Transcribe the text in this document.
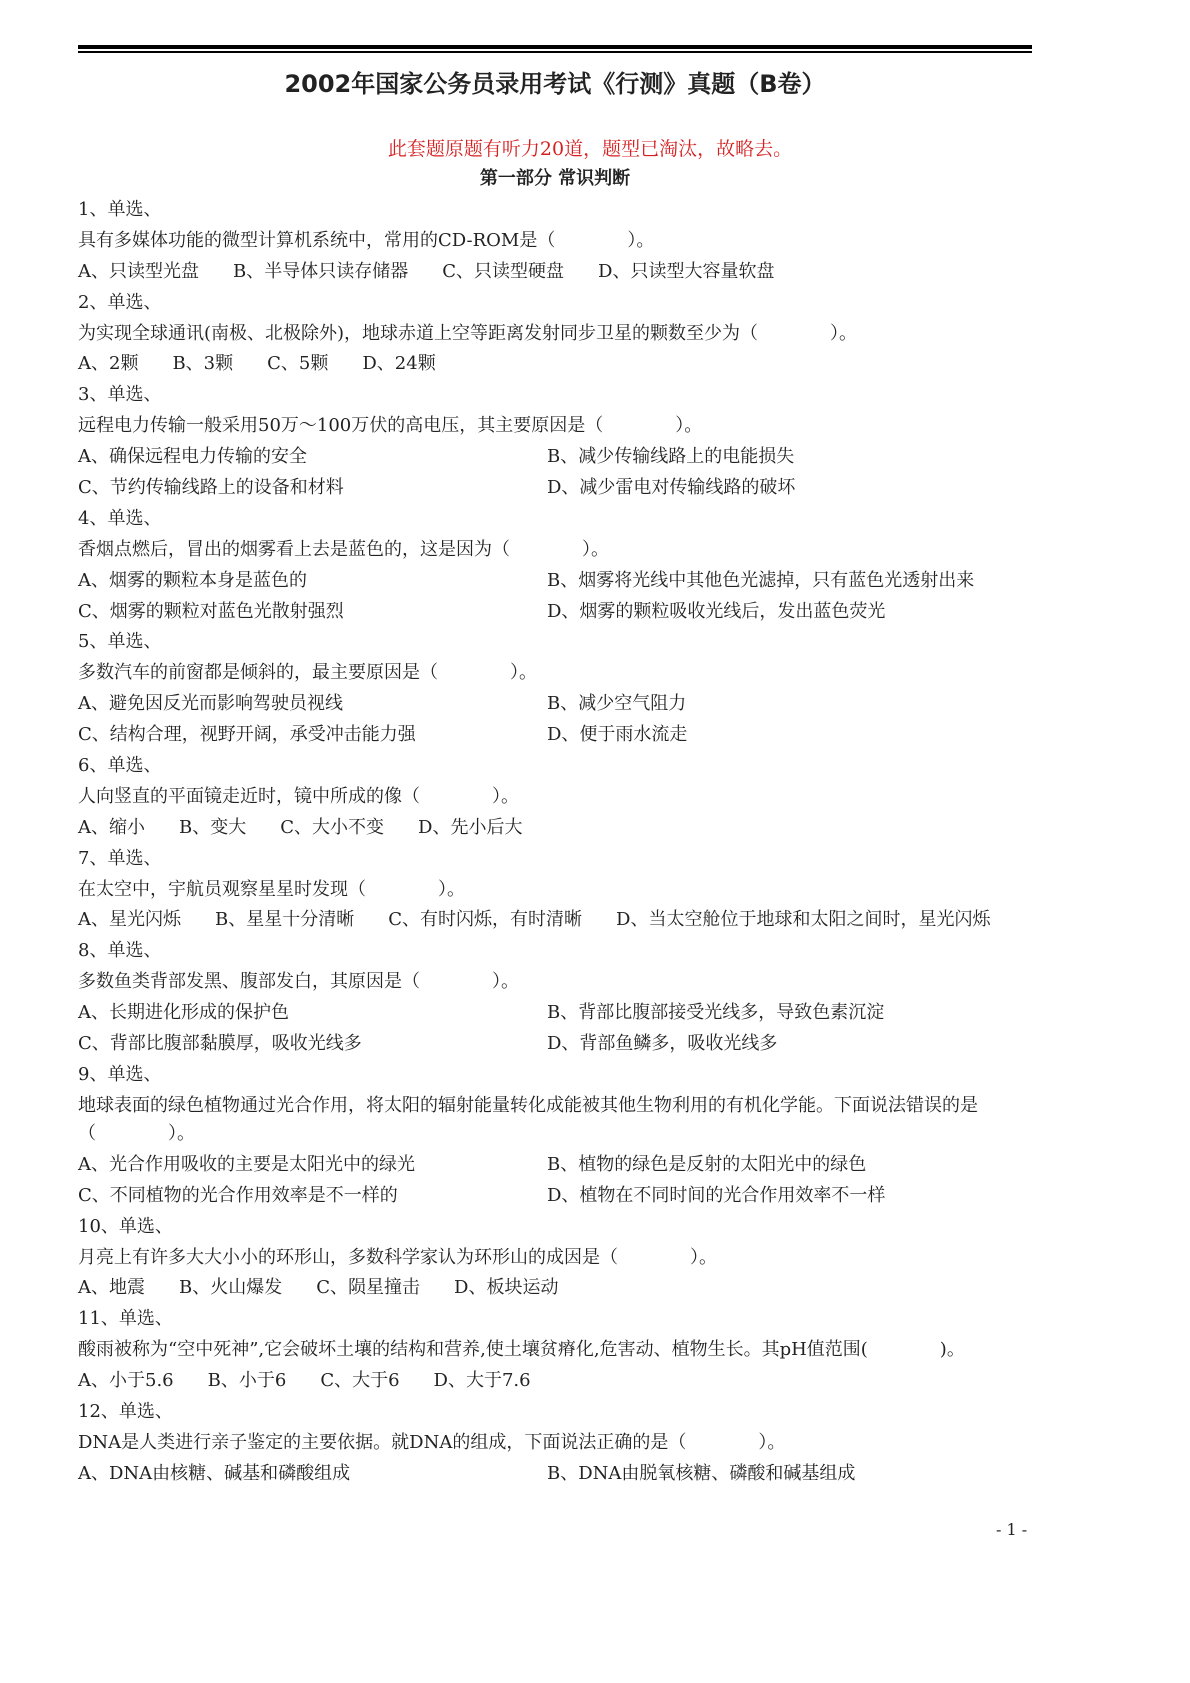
2002年国家公务员录用考试《行测》真题（B卷）
此套题原题有听力20道，题型已淘汰，故略去。
第一部分 常识判断
1、单选、
具有多媒体功能的微型计算机系统中，常用的CD-ROM是（　　　　）。
A、只读型光盘 B、半导体只读存储器 C、只读型硬盘 D、只读型大容量软盘
2、单选、
为实现全球通讯(南极、北极除外)，地球赤道上空等距离发射同步卫星的颗数至少为（　　　　）。
A、2颗 B、3颗 C、5颗 D、24颗
3、单选、
远程电力传输一般采用50万～100万伏的高电压，其主要原因是（　　　　）。
A、确保远程电力传输的安全	B、减少传输线路上的电能损失
C、节约传输线路上的设备和材料	D、减少雷电对传输线路的破坏
4、单选、
香烟点燃后，冒出的烟雾看上去是蓝色的，这是因为（　　　　）。
A、烟雾的颗粒本身是蓝色的	B、烟雾将光线中其他色光滤掉，只有蓝色光透射出来
C、烟雾的颗粒对蓝色光散射强烈	D、烟雾的颗粒吸收光线后，发出蓝色荧光
5、单选、
多数汽车的前窗都是倾斜的，最主要原因是（　　　　）。
A、避免因反光而影响驾驶员视线	B、减少空气阻力
C、结构合理，视野开阔，承受冲击能力强	D、便于雨水流走
6、单选、
人向竖直的平面镜走近时，镜中所成的像（　　　　）。
A、缩小 B、变大 C、大小不变 D、先小后大
7、单选、
在太空中，宇航员观察星星时发现（　　　　）。
A、星光闪烁 B、星星十分清晰 C、有时闪烁，有时清晰 D、当太空舱位于地球和太阳之间时，星光闪烁
8、单选、
多数鱼类背部发黑、腹部发白，其原因是（　　　　）。
A、长期进化形成的保护色	B、背部比腹部接受光线多，导致色素沉淀
C、背部比腹部黏膜厚，吸收光线多	D、背部鱼鳞多，吸收光线多
9、单选、
地球表面的绿色植物通过光合作用，将太阳的辐射能量转化成能被其他生物利用的有机化学能。下面说法错误的是（　　　　）。
A、光合作用吸收的主要是太阳光中的绿光	B、植物的绿色是反射的太阳光中的绿色
C、不同植物的光合作用效率是不一样的	D、植物在不同时间的光合作用效率不一样
10、单选、
月亮上有许多大大小小的环形山，多数科学家认为环形山的成因是（　　　　）。
A、地震 B、火山爆发 C、陨星撞击 D、板块运动
11、单选、
酸雨被称为“空中死神”,它会破坏土壤的结构和营养,使土壤贫瘠化,危害动、植物生长。其pH值范围(　　　　)。
A、小于5.6 B、小于6 C、大于6 D、大于7.6
12、单选、
DNA是人类进行亲子鉴定的主要依据。就DNA的组成，下面说法正确的是（　　　　）。
A、DNA由核糖、碱基和磷酸组成	B、DNA由脱氧核糖、磷酸和碱基组成
- 1 -
